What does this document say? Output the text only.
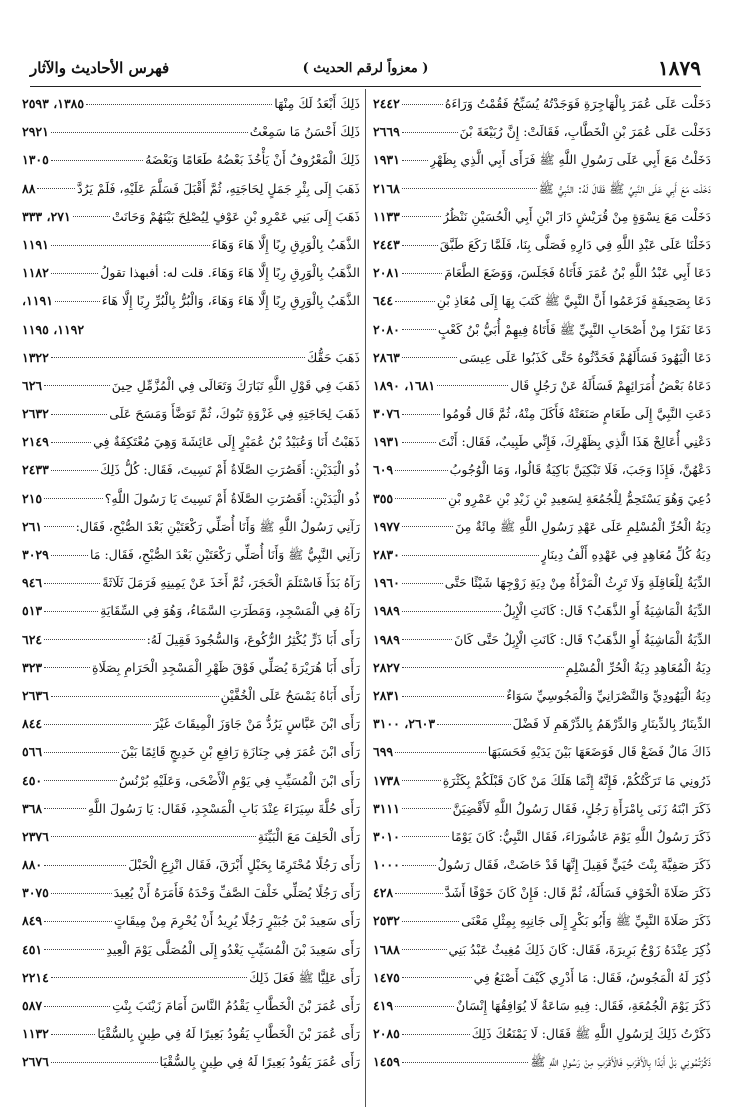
١٨٧٩
( معزواً لرقم الحديث )
فهرس الأحاديث والآثار
دَخَلْت عَلَى عُمَرَ بِالْهَاجِرَةِ فَوَجَدْتُهُ يُسَبِّحُ فَقُمْتُ وَرَاءَهُ
٢٤٤٢
دَخَلْت عَلَى عُمَرَ بْنِ الْخَطَّابِ، فَقَالَتْ: إِنَّ رُبَيْعَةَ بْنَ
٢٦٦٩
دَخَلْتُ مَعَ أَبِي عَلَى رَسُولِ اللَّهِ ﷺ فَرَأَى أَبِي الَّذِي بِظَهْرِ
١٩٣١
دَخَلْت مَعَ أَبِي عَلَى النَّبِيِّ ﷺ فَقَالَ لَهُ: النَّبِيُّ ﷺ
٢١٦٨
دَخَلْت مَعَ نِسْوَةٍ مِنْ قُرَيْشٍ دَارَ ابْنِ أَبِي الْحُسَيْنِ نَنْظُرُ
١١٣٣
دَخَلْنَا عَلَى عَبْدِ اللَّهِ فِي دَارِهِ فَصَلَّى بِنَا، فَلَمَّا رَكَعَ طَبَّقَ
٢٤٤٣
دَعَا أَبِي عَبْدُ اللَّهِ بْنُ عُمَرَ فَأَتَاهُ فَجَلَسَ، وَوَضَعَ الطَّعَامَ
٢٠٨١
دَعَا بِصَحِيفَةٍ فَزَعَمُوا أَنَّ النَّبِيَّ ﷺ كَتَبَ بِهَا إِلَى مُعَاذِ بْنِ
٦٤٤
دَعَا نَفَرًا مِنْ أَصْحَابِ النَّبِيِّ ﷺ فَأَتَاهُ فِيهِمْ أُبَيُّ بْنُ كَعْبٍ
٢٠٨٠
دَعَا الْيَهُودَ فَسَأَلَهُمْ فَحَدَّثُوهُ حَتَّى كَذَبُوا عَلَى عِيسَى
٢٨٦٣
دَعَاهُ بَعْضُ أُمَرَائِهِمْ فَسَأَلَهُ عَنْ رَجُلٍ قَال
١٦٨١، ١٨٩٠
دَعَتِ النَّبِيَّ إِلَى طَعَامٍ صَنَعَتْهُ فَأَكَلَ مِنْهُ، ثُمَّ قَال قُومُوا
٣٠٧٦
دَعْنِي أُعَالِجْ هَذَا الَّذِي بِظَهْرِكَ، فَإِنِّي طَبِيبٌ، فَقَال: أَنْتَ
١٩٣١
دَعْهُنَّ، فَإِذَا وَجَبَ، فَلَا تَبْكِيَنَّ بَاكِيَةٌ قَالُوا، وَمَا الْوُجُوبُ
٦٠٩
دُعِيَ وَهُوَ يَسْتَحِمُّ لِلْجُمُعَةِ لِسَعِيدِ بْنِ زَيْدِ بْنِ عَمْرِو بْنِ
٣٥٥
دِيَةُ الْحُرِّ الْمُسْلِمِ عَلَى عَهْدِ رَسُولِ اللَّهِ ﷺ مِائَةٌ مِنَ
١٩٧٧
دِيَةُ كُلِّ مُعَاهِدٍ فِي عَهْدِهِ أَلْفُ دِينَارٍ
٢٨٣٠
الدِّيَةُ لِلْعَاقِلَةِ وَلَا تَرِثُ الْمَرْأَةُ مِنْ دِيَةِ زَوْجِهَا شَيْئًا حَتَّى
١٩٦٠
الدِّيَةُ الْمَاشِيَةُ أَوِ الذَّهَبُ؟ قَال: كَانَتِ الْإِبِلُ
١٩٨٩
الدِّيَةُ الْمَاشِيَةُ أَوِ الذَّهَبُ؟ قَال: كَانَتِ الْإِبِلُ حَتَّى كَانَ
١٩٨٩
دِيَةُ الْمُعَاهِدِ دِيَةُ الْحُرِّ الْمُسْلِمِ
٢٨٢٧
دِيَةُ الْيَهُودِيِّ وَالنَّصْرَانِيِّ وَالْمَجُوسِيِّ سَوَاءٌ
٢٨٣١
الدِّينَارُ بِالدِّينَارِ وَالدِّرْهَمُ بِالدِّرْهَمِ لَا فَضْلَ
٢٦٠٣، ٣١٠٠
ذَاكَ مَالٌ فَضَعْ قَال فَوَضَعَهَا بَيْنَ يَدَيْهِ فَحَسَبَهَا
٦٩٩
ذَرُونِي مَا تَرَكْتُكُمْ، فَإِنَّهُ إِنَّمَا هَلَكَ مَنْ كَانَ قَبْلَكُمْ بِكَثْرَةِ
١٧٣٨
ذَكَرَ ابْنَهُ زَنَى بِامْرَأَةِ رَجُلٍ، فَقَال رَسُولُ اللَّهِ لَأَقْضِيَنَّ
٣١١١
ذَكَرَ رَسُولُ اللَّهِ يَوْمَ عَاشُورَاءَ، فَقَال النَّبِيُّ: كَانَ يَوْمًا
٣٠١٠
ذَكَرَ صَفِيَّةَ بِنْتَ حُيَيٍّ فَقِيلَ إِنَّهَا قَدْ حَاضَتْ، فَقَال رَسُولُ
١٠٠٠
ذَكَرَ صَلَاةَ الْخَوْفِ فَسَأَلَهُ، ثُمَّ قَال: فَإِنْ كَانَ خَوْفًا أَشَدَّ
٤٢٨
ذَكَرَ صَلَاةَ النَّبِيِّ ﷺ وَأَبُو بَكْرٍ إِلَى جَانِبِهِ بِمِثْلِ مَعْنَى
٢٥٣٢
ذُكِرَ عِنْدَهُ زَوْجُ بَرِيرَةَ، فَقَال: كَانَ ذَلِكَ مُغِيثٌ عَبْدُ بَنِي
١٦٨٨
ذُكِرَ لَهُ الْمَجُوسُ، فَقَال: مَا أَدْرِي كَيْفَ أَصْنَعُ فِي
١٤٧٥
ذَكَرَ يَوْمَ الْجُمُعَةِ، فَقَال: فِيهِ سَاعَةٌ لَا يُوَافِقُهَا إِنْسَانٌ
٤١٩
ذَكَرْتُ ذَلِكَ لِرَسُولِ اللَّهِ ﷺ فَقَال: لَا يَمْنَعُكَ ذَلِكَ
٢٠٨٥
ذَكِّرْتُمُونِي بَلْ أَبَدًا بِالْأَقْرَبِ فَالْأَقْرَبِ مِنْ رَسُولِ اللَّهِ ﷺ
١٤٥٩
ذَلِكَ أَبْعَدُ لَكَ مِنْهَا
١٣٨٥، ٢٥٩٣
ذَلِكَ أَحْسَنُ مَا سَمِعْتُ
٢٩٢١
ذَلِكَ الْمَعْرُوفُ أَنْ يَأْخُذَ بَعْضُهُ طَعَامًا وَبَعْضَهُ
١٣٠٥
ذَهَبَ إِلَى بِئْرِ جَمَلٍ لِحَاجَتِهِ، ثُمَّ أَقْبَلَ فَسَلَّمَ عَلَيْهِ، فَلَمْ يَرُدَّ
٨٨
ذَهَبَ إِلَى بَنِي عَمْرِو بْنِ عَوْفٍ لِيُصْلِحَ بَيْنَهُمْ وَحَانَتْ
٢٧١، ٣٣٣
الذَّهَبُ بِالْوَرِقِ رِبًا إِلَّا هَاءَ وَهَاءَ
١١٩١
الذَّهَبُ بِالْوَرِقِ رِبًا إِلَّا هَاءَ وَهَاءَ. قلت له: أفبهذا تقولُ
١١٨٢
الذَّهَبُ بِالْوَرِقِ رِبًا إِلَّا هَاءَ وَهَاءَ، وَالْبُرُّ بِالْبُرِّ رِبًا إِلَّا هَاءَ
١١٩١،
١١٩٢، ١١٩٥
ذَهَبَ حَقُّكَ
١٣٢٢
ذَهَبَ فِي قَوْلِ اللَّهِ تَبَارَكَ وَتَعَالَى فِي الْمُزَّمِّلِ حِينَ
٦٢٦
ذَهَبَ لِحَاجَتِهِ فِي غَزْوَةِ تَبُوكَ، ثُمَّ تَوَضَّأَ وَمَسَحَ عَلَى
٢٦٣٢
ذَهَبْتُ أَنَا وَعُبَيْدُ بْنُ عُمَيْرٍ إِلَى عَائِشَةَ وَهِيَ مُعْتَكِفَةٌ فِي
٢١٤٩
ذُو الْيَدَيْنِ: أَقَصُرَتِ الصَّلَاةُ أَمْ نَسِيتَ، فَقَال: كُلُّ ذَلِكَ
٢٤٣٣
ذُو الْيَدَيْنِ: أَقَصُرَتِ الصَّلَاةُ أَمْ نَسِيتَ يَا رَسُولَ اللَّهِ؟
٢١٥
رَآنِي رَسُولُ اللَّهِ ﷺ وَأَنَا أُصَلِّي رَكْعَتَيْنِ بَعْدَ الصُّبْحِ، فَقَال:
٢٦١
رَآنِي النَّبِيُّ ﷺ وَأَنَا أُصَلِّي رَكْعَتَيْنِ بَعْدَ الصُّبْحِ، فَقَال: مَا
٣٠٢٩
رَآهُ بَدَأَ فَاسْتَلَمَ الْحَجَرَ، ثُمَّ أَخَذَ عَنْ يَمِينِهِ فَرَمَلَ ثَلَاثَةً
٩٤٦
رَآهُ فِي الْمَسْجِدِ، وَمَطَرَتِ السَّمَاءُ، وَهُوَ فِي السِّقَايَةِ
٥١٣
رَأَى أَبَا ذَرٍّ يُكْثِرُ الرُّكُوعَ، وَالسُّجُودَ فَقِيلَ لَهُ:
٦٢٤
رَأَى أَبَا هُرَيْرَةَ يُصَلِّي فَوْقَ ظَهْرِ الْمَسْجِدِ الْحَرَامِ بِصَلَاةِ
٣٢٣
رَأَى أَبَاهُ يَمْسَحُ عَلَى الْخُفَّيْنِ
٢٦٣٦
رَأَى ابْنَ عَبَّاسٍ يَرُدُّ مَنْ جَاوَزَ الْمِيقَاتَ غَيْرَ
٨٤٤
رَأَى ابْنَ عُمَرَ فِي جِنَازَةِ رَافِعِ بْنِ خَدِيجٍ قَائِمًا بَيْنَ
٥٦٦
رَأَى ابْنَ الْمُسَيِّبِ فِي يَوْمِ الْأَضْحَى، وَعَلَيْهِ بُرْنُسٌ
٤٥٠
رَأَى حُلَّةَ سِيَرَاءَ عِنْدَ بَابِ الْمَسْجِدِ، فَقَال: يَا رَسُولَ اللَّهِ
٣٦٨
رَأَى الْحَلِفَ مَعَ الْبَيِّنَةِ
٢٣٧٦
رَأَى رَجُلًا مُحْتَرِمًا بِحَبْلٍ أَبْرَقَ، فَقَال انْزِعِ الْحَبْلَ
٨٨٠
رَأَى رَجُلًا يُصَلِّي خَلْفَ الصَّفِّ وَحْدَهُ فَأَمَرَهُ أَنْ يُعِيدَ
٣٠٧٥
رَأَى سَعِيدَ بْنَ جُبَيْرٍ رَجُلًا يُرِيدُ أَنْ يُحْرِمَ مِنْ مِيقَاتٍ
٨٤٩
رَأَى سَعِيدَ بْنَ الْمُسَيِّبِ يَغْدُو إِلَى الْمُصَلَّى يَوْمَ الْعِيدِ
٤٥١
رَأَى عَلِيًّا ﷺ فَعَلَ ذَلِكَ
٢٢١٤
رَأَى عُمَرَ بْنَ الْخَطَّابِ يَقْدُمُ النَّاسَ أَمَامَ زَيْنَبَ بِنْتِ
٥٨٧
رَأَى عُمَرَ بْنَ الْخَطَّابِ يَقُودُ بَعِيرًا لَهُ فِي طِينٍ بِالسُّقْيَا
١١٣٢
رَأَى عُمَرَ يَقُودُ بَعِيرًا لَهُ فِي طِينٍ بِالسُّقْيَا
٢٦٧٦
